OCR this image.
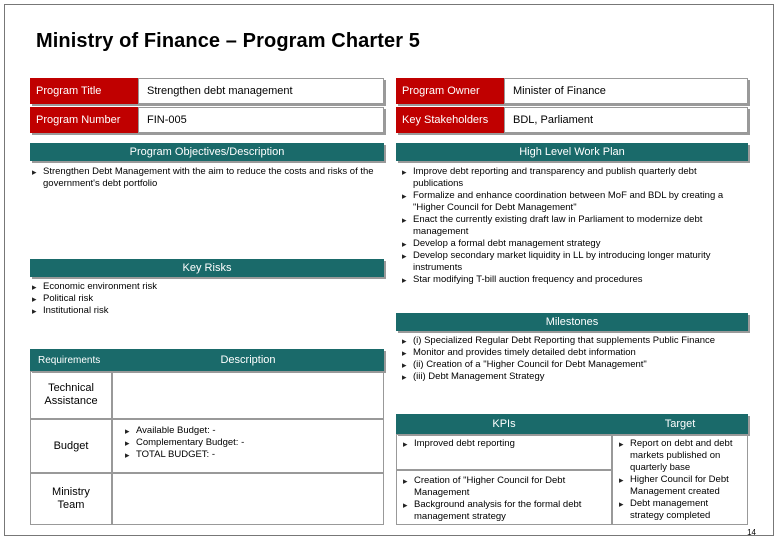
Ministry of Finance – Program Charter 5
Program Title	Strengthen debt management
Program Number	FIN-005
Program Owner	Minister of Finance
Key Stakeholders	BDL, Parliament
Program Objectives/Description
▸ Strengthen Debt Management with the aim to reduce the costs and risks of the government's debt portfolio
Key Risks
▸ Economic environment risk
▸ Political risk
▸ Institutional risk
High Level Work Plan
▸ Improve debt reporting and transparency and publish quarterly debt publications
▸ Formalize and enhance coordination between MoF and BDL by creating a "Higher Council for Debt Management"
▸ Enact the currently existing draft law in Parliament to modernize debt management
▸ Develop a formal debt management strategy
▸ Develop secondary market liquidity in LL by introducing longer maturity instruments
▸ Star modifying T-bill auction frequency and procedures
Milestones
▸ (i) Specialized Regular Debt Reporting that supplements Public Finance
▸ Monitor and provides timely detailed debt information
▸ (ii) Creation of a "Higher Council for Debt Management"
▸ (iii) Debt Management Strategy
Requirements	Description
Technical Assistance
Budget
▸ Available Budget: -
▸ Complementary Budget: -
▸ TOTAL BUDGET: -
Ministry Team
KPIs	Target
▸ Improved debt reporting
▸	Report on debt and debt markets published on quarterly base
▸ Higher Council for Debt Management created
▸ Debt management strategy completed
▸ Creation of "Higher Council for Debt Management
▸ Background analysis for the formal debt management strategy
14
